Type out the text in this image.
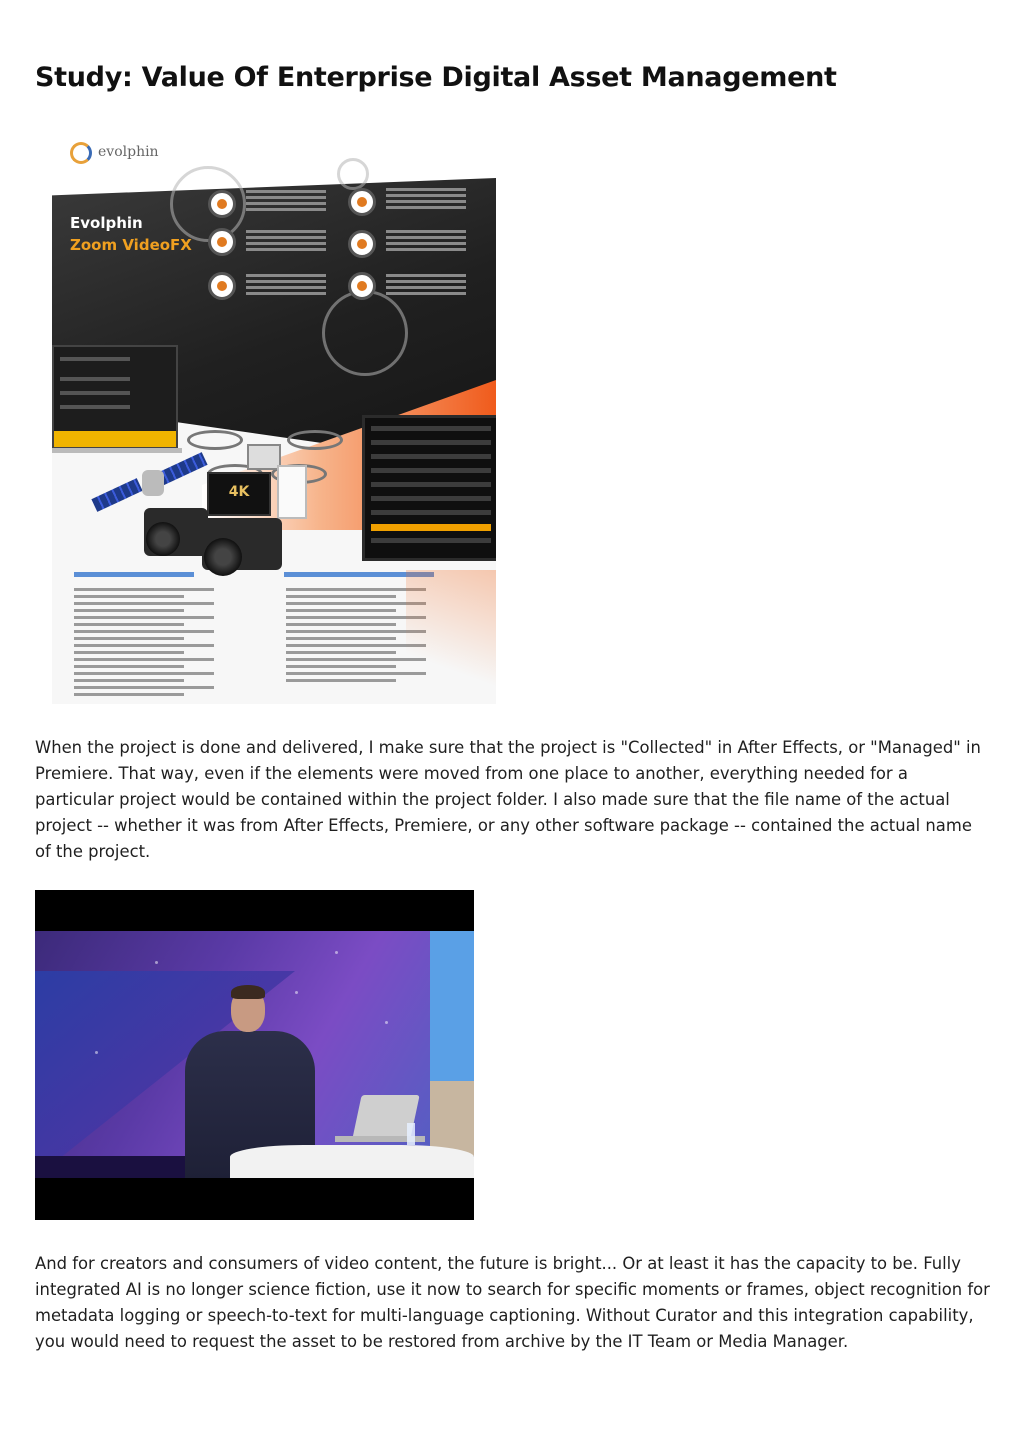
Study: Value Of Enterprise Digital Asset Management
evolphin
Evolphin
Zoom VideoFX
4K

When the project is done and delivered, I make sure that the project is "Collected" in After Effects, or "Managed" in Premiere. That way, even if the elements were moved from one place to another, everything needed for a particular project would be contained within the project folder. I also made sure that the file name of the actual project -- whether it was from After Effects, Premiere, or any other software package -- contained the actual name of the project.

And for creators and consumers of video content, the future is bright... Or at least it has the capacity to be. Fully integrated AI is no longer science fiction, use it now to search for specific moments or frames, object recognition for metadata logging or speech-to-text for multi-language captioning. Without Curator and this integration capability, you would need to request the asset to be restored from archive by the IT Team or Media Manager.
